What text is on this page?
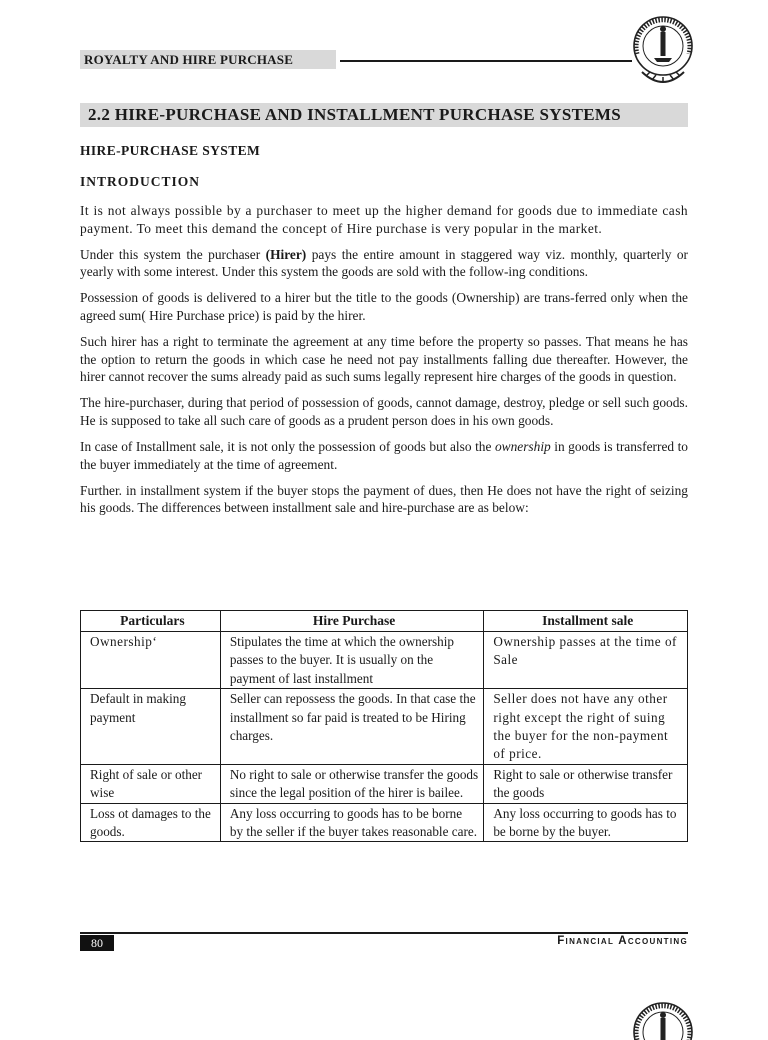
ROYALTY AND HIRE PURCHASE
2.2 HIRE-PURCHASE AND INSTALLMENT PURCHASE SYSTEMS
HIRE-PURCHASE SYSTEM
INTRODUCTION

It is not always possible by a purchaser to meet up the higher demand for goods due to immediate cash payment. To meet this demand the concept of Hire purchase is very popular in the market.

Under this system the purchaser (Hirer) pays the entire amount in staggered way viz. monthly, quarterly or yearly with some interest. Under this system the goods are sold with the follow-ing conditions.

Possession of goods is delivered to a hirer but the title to the goods (Ownership) are trans-ferred only when the agreed sum( Hire Purchase price) is paid by the hirer.

Such hirer has a right to terminate the agreement at any time before the property so passes. That means he has the option to return the goods in which case he need not pay installments falling due thereafter. However, the hirer cannot recover the sums already paid as such sums legally represent hire charges of the goods in question.

The hire-purchaser, during that period of possession of goods, cannot damage, destroy, pledge or sell such goods. He is supposed to take all such care of goods as a prudent person does in his own goods.

In case of Installment sale, it is not only the possession of goods but also the ownership in goods is transferred to the buyer immediately at the time of agreement.

Further. in installment system if the buyer stops the payment of dues, then He does not have the right of seizing his goods. The differences between installment sale and hire-purchase are as below:

Particulars	Hire Purchase	Installment sale
Ownership‘	Stipulates the time at which the ownership passes to the buyer. It is usually on the payment of last installment	Ownership passes at the time of Sale
Default in making payment	Seller can repossess the goods. In that case the installment so far paid is treated to be Hiring charges.	Seller does not have any other right except the right of suing the buyer for the non-payment of price.
Right of sale or other wise	No right to sale or otherwise transfer the goods since the legal position of the hirer is bailee.	Right to sale or otherwise transfer the goods
Loss ot damages to the goods.	Any loss occurring to goods has to be borne by the seller if the buyer takes reasonable care.	Any loss occurring to goods has to be borne by the buyer.
80	Financial Accounting
